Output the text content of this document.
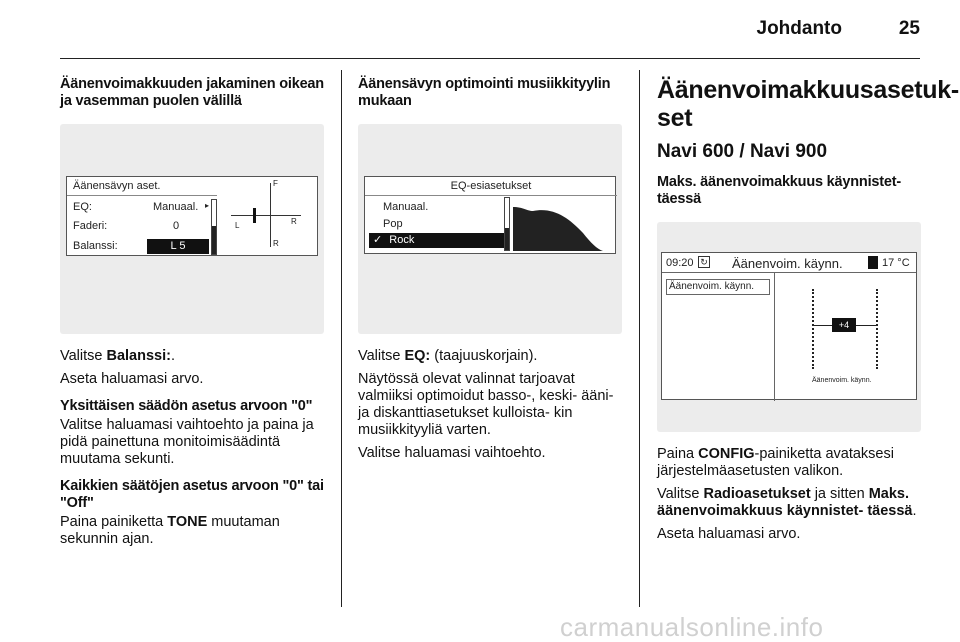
Johdanto	25
Äänenvoimakkuuden jakaminen oikean ja vasemman puolen välillä
Äänensävyn aset.
EQ:	Manuaal. ▸
Faderi:	0
Balanssi:	L 5
F
L	R
R
Valitse Balanssi:.
Aseta haluamasi arvo.
Yksittäisen säädön asetus arvoon "0"
Valitse haluamasi vaihtoehto ja paina ja pidä painettuna monitoimisäädintä muutama sekunti.
Kaikkien säätöjen asetus arvoon "0" tai "Off"
Paina painiketta TONE muutaman sekunnin ajan.
Äänensävyn optimointi musiikkityylin mukaan
EQ-esiasetukset
Manuaal.
Pop
✓ Rock
Valitse EQ: (taajuuskorjain).
Näytössä olevat valinnat tarjoavat valmiiksi optimoidut basso-, keski- ääni- ja diskanttiasetukset kulloista- kin musiikkityyliä varten.
Valitse haluamasi vaihtoehto.
Äänenvoimakkuusasetuk- set
Navi 600 / Navi 900
Maks. äänenvoimakkuus käynnistet- täessä
09:20 ↻ Äänenvoim. käynn.	17 °C
Äänenvoim. käynn.
+4
Äänenvoim. käynn.
Paina CONFIG-painiketta avataksesi järjestelmäasetusten valikon.
Valitse Radioasetukset ja sitten Maks. äänenvoimakkuus käynnistet- täessä.
Aseta haluamasi arvo.
carmanualsonline.info
